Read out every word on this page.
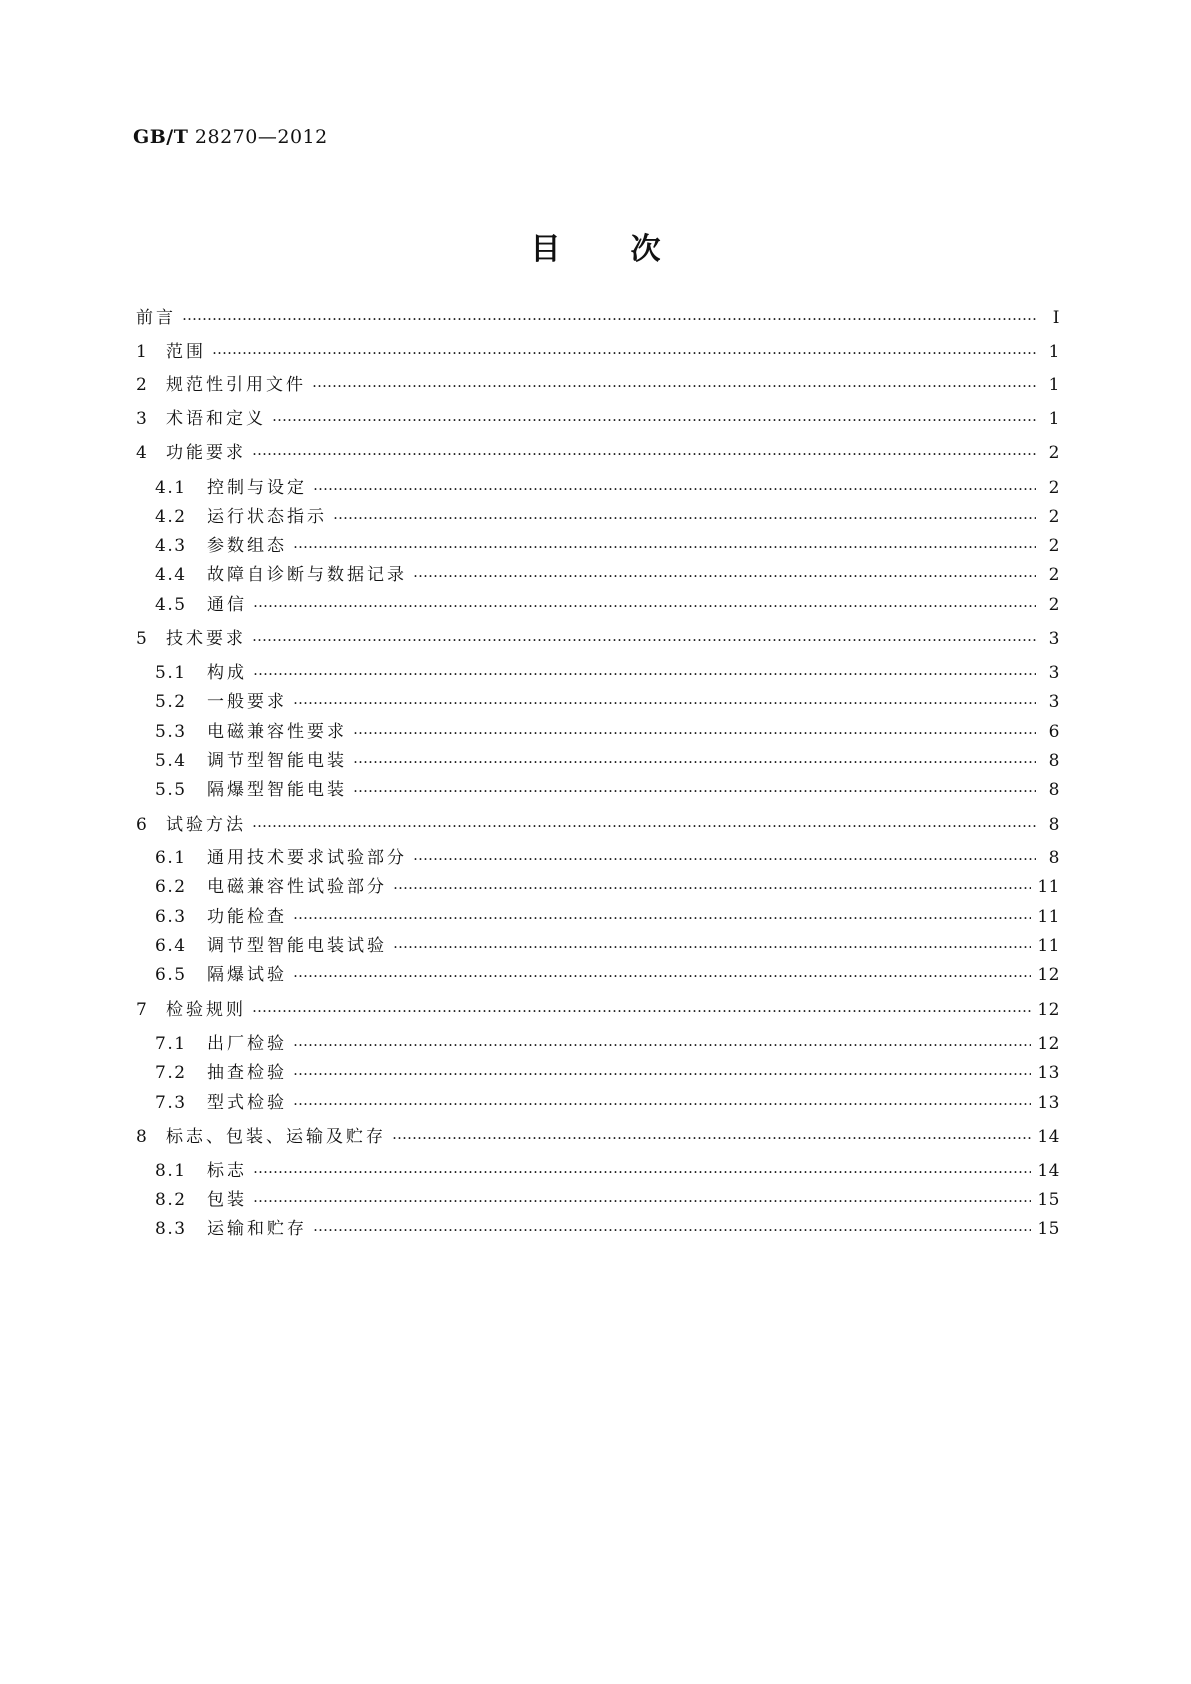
GB/T 28270—2012
目 次
前言 …………………………………………………………………………………………………………………………………………………………………………………………………………………………………………	Ⅰ
1	范围 …………………………………………………………………………………………………………………………………………………………………………………………………………………………………………	1
2	规范性引用文件 …………………………………………………………………………………………………………………………………………………………………………………………………………………………………………	1
3	术语和定义 …………………………………………………………………………………………………………………………………………………………………………………………………………………………………………	1
4	功能要求 …………………………………………………………………………………………………………………………………………………………………………………………………………………………………………	2
4.1	控制与设定 …………………………………………………………………………………………………………………………………………………………………………………………………………………………………………	2
4.2	运行状态指示 …………………………………………………………………………………………………………………………………………………………………………………………………………………………………………	2
4.3	参数组态 …………………………………………………………………………………………………………………………………………………………………………………………………………………………………………	2
4.4	故障自诊断与数据记录 …………………………………………………………………………………………………………………………………………………………………………………………………………………………………………	2
4.5	通信 …………………………………………………………………………………………………………………………………………………………………………………………………………………………………………	2
5	技术要求 …………………………………………………………………………………………………………………………………………………………………………………………………………………………………………	3
5.1	构成 …………………………………………………………………………………………………………………………………………………………………………………………………………………………………………	3
5.2	一般要求 …………………………………………………………………………………………………………………………………………………………………………………………………………………………………………	3
5.3	电磁兼容性要求 …………………………………………………………………………………………………………………………………………………………………………………………………………………………………………	6
5.4	调节型智能电装 …………………………………………………………………………………………………………………………………………………………………………………………………………………………………………	8
5.5	隔爆型智能电装 …………………………………………………………………………………………………………………………………………………………………………………………………………………………………………	8
6	试验方法 …………………………………………………………………………………………………………………………………………………………………………………………………………………………………………	8
6.1	通用技术要求试验部分 …………………………………………………………………………………………………………………………………………………………………………………………………………………………………………	8
6.2	电磁兼容性试验部分 …………………………………………………………………………………………………………………………………………………………………………………………………………………………………………	11
6.3	功能检查 …………………………………………………………………………………………………………………………………………………………………………………………………………………………………………	11
6.4	调节型智能电装试验 …………………………………………………………………………………………………………………………………………………………………………………………………………………………………………	11
6.5	隔爆试验 …………………………………………………………………………………………………………………………………………………………………………………………………………………………………………	12
7	检验规则 …………………………………………………………………………………………………………………………………………………………………………………………………………………………………………	12
7.1	出厂检验 …………………………………………………………………………………………………………………………………………………………………………………………………………………………………………	12
7.2	抽查检验 …………………………………………………………………………………………………………………………………………………………………………………………………………………………………………	13
7.3	型式检验 …………………………………………………………………………………………………………………………………………………………………………………………………………………………………………	13
8	标志、包装、运输及贮存 …………………………………………………………………………………………………………………………………………………………………………………………………………………………………………	14
8.1	标志 …………………………………………………………………………………………………………………………………………………………………………………………………………………………………………	14
8.2	包装 …………………………………………………………………………………………………………………………………………………………………………………………………………………………………………	15
8.3	运输和贮存 …………………………………………………………………………………………………………………………………………………………………………………………………………………………………………	15
